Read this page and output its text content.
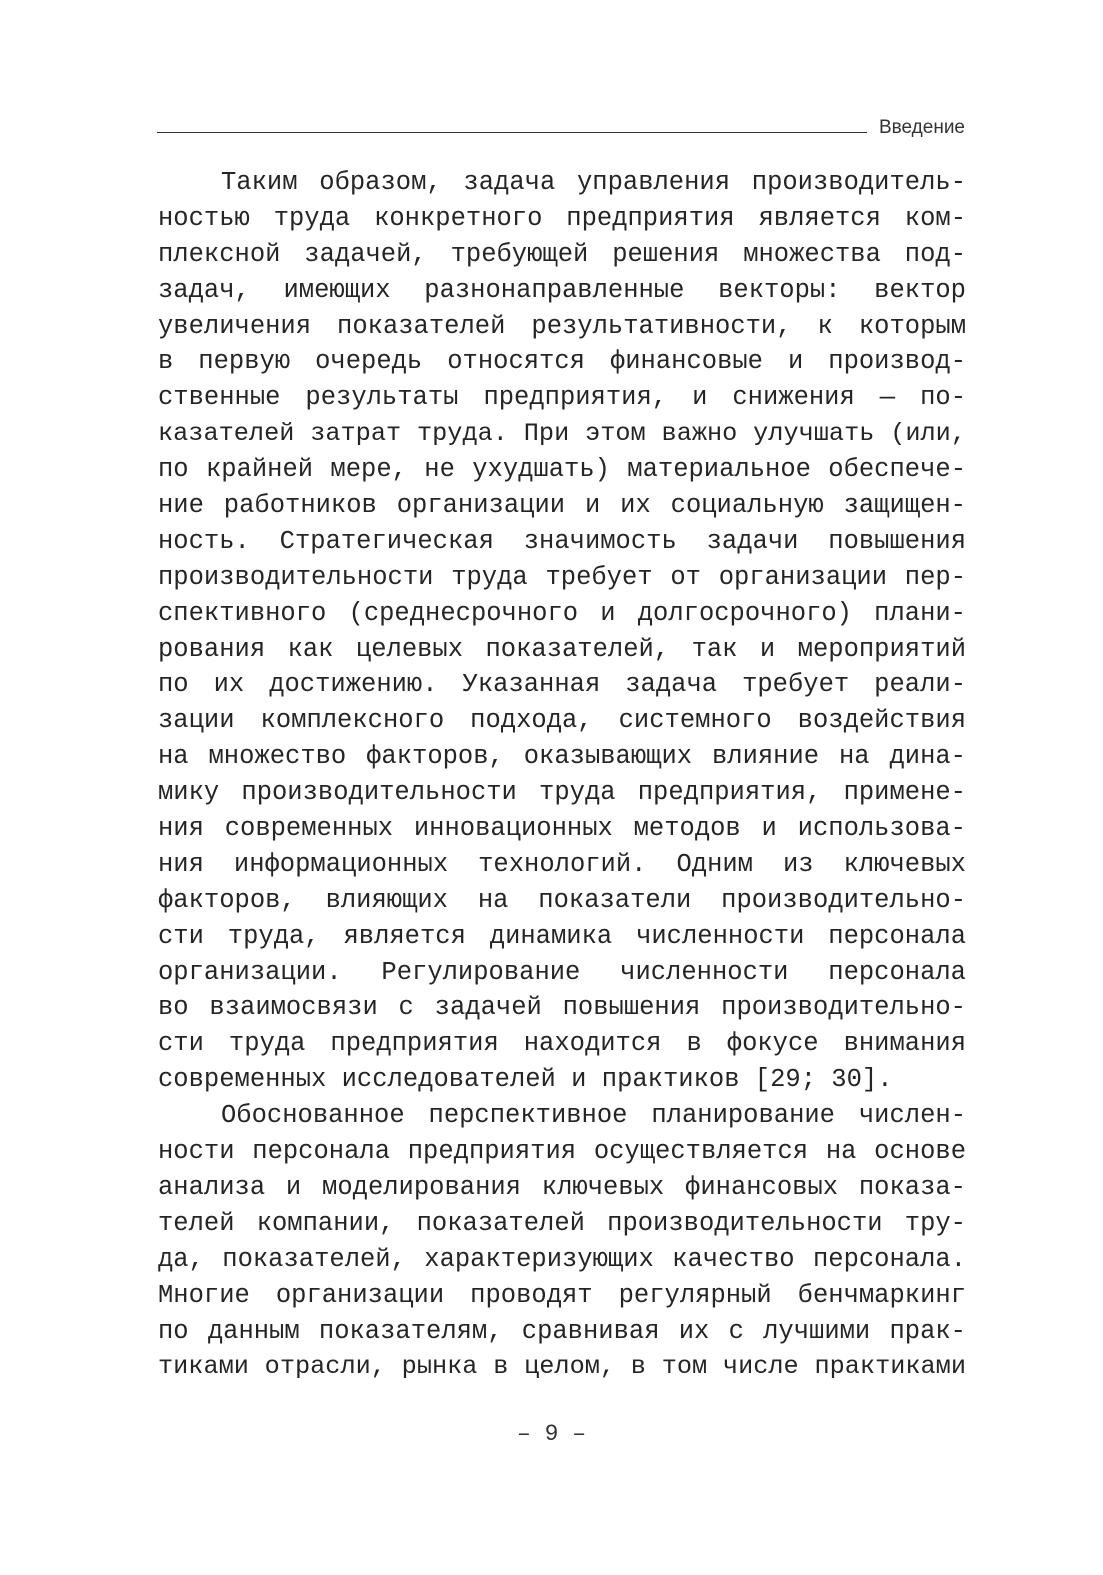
Введение
Таким образом, задача управления производитель-
ностью труда конкретного предприятия является ком-
плексной задачей, требующей решения множества под-
задач, имеющих разнонаправленные векторы: вектор
увеличения показателей результативности, к которым
в первую очередь относятся финансовые и производ-
ственные результаты предприятия, и снижения — по-
казателей затрат труда. При этом важно улучшать (или,
по крайней мере, не ухудшать) материальное обеспече-
ние работников организации и их социальную защищен-
ность. Стратегическая значимость задачи повышения
производительности труда требует от организации пер-
спективного (среднесрочного и долгосрочного) плани-
рования как целевых показателей, так и мероприятий
по их достижению. Указанная задача требует реали-
зации комплексного подхода, системного воздействия
на множество факторов, оказывающих влияние на дина-
мику производительности труда предприятия, примене-
ния современных инновационных методов и использова-
ния информационных технологий. Одним из ключевых
факторов, влияющих на показатели производительно-
сти труда, является динамика численности персонала
организации. Регулирование численности персонала
во взаимосвязи с задачей повышения производительно-
сти труда предприятия находится в фокусе внимания
современных исследователей и практиков [29; 30].
Обоснованное перспективное планирование числен-
ности персонала предприятия осуществляется на основе
анализа и моделирования ключевых финансовых показа-
телей компании, показателей производительности тру-
да, показателей, характеризующих качество персонала.
Многие организации проводят регулярный бенчмаркинг
по данным показателям, сравнивая их с лучшими прак-
тиками отрасли, рынка в целом, в том числе практиками
– 9 –
